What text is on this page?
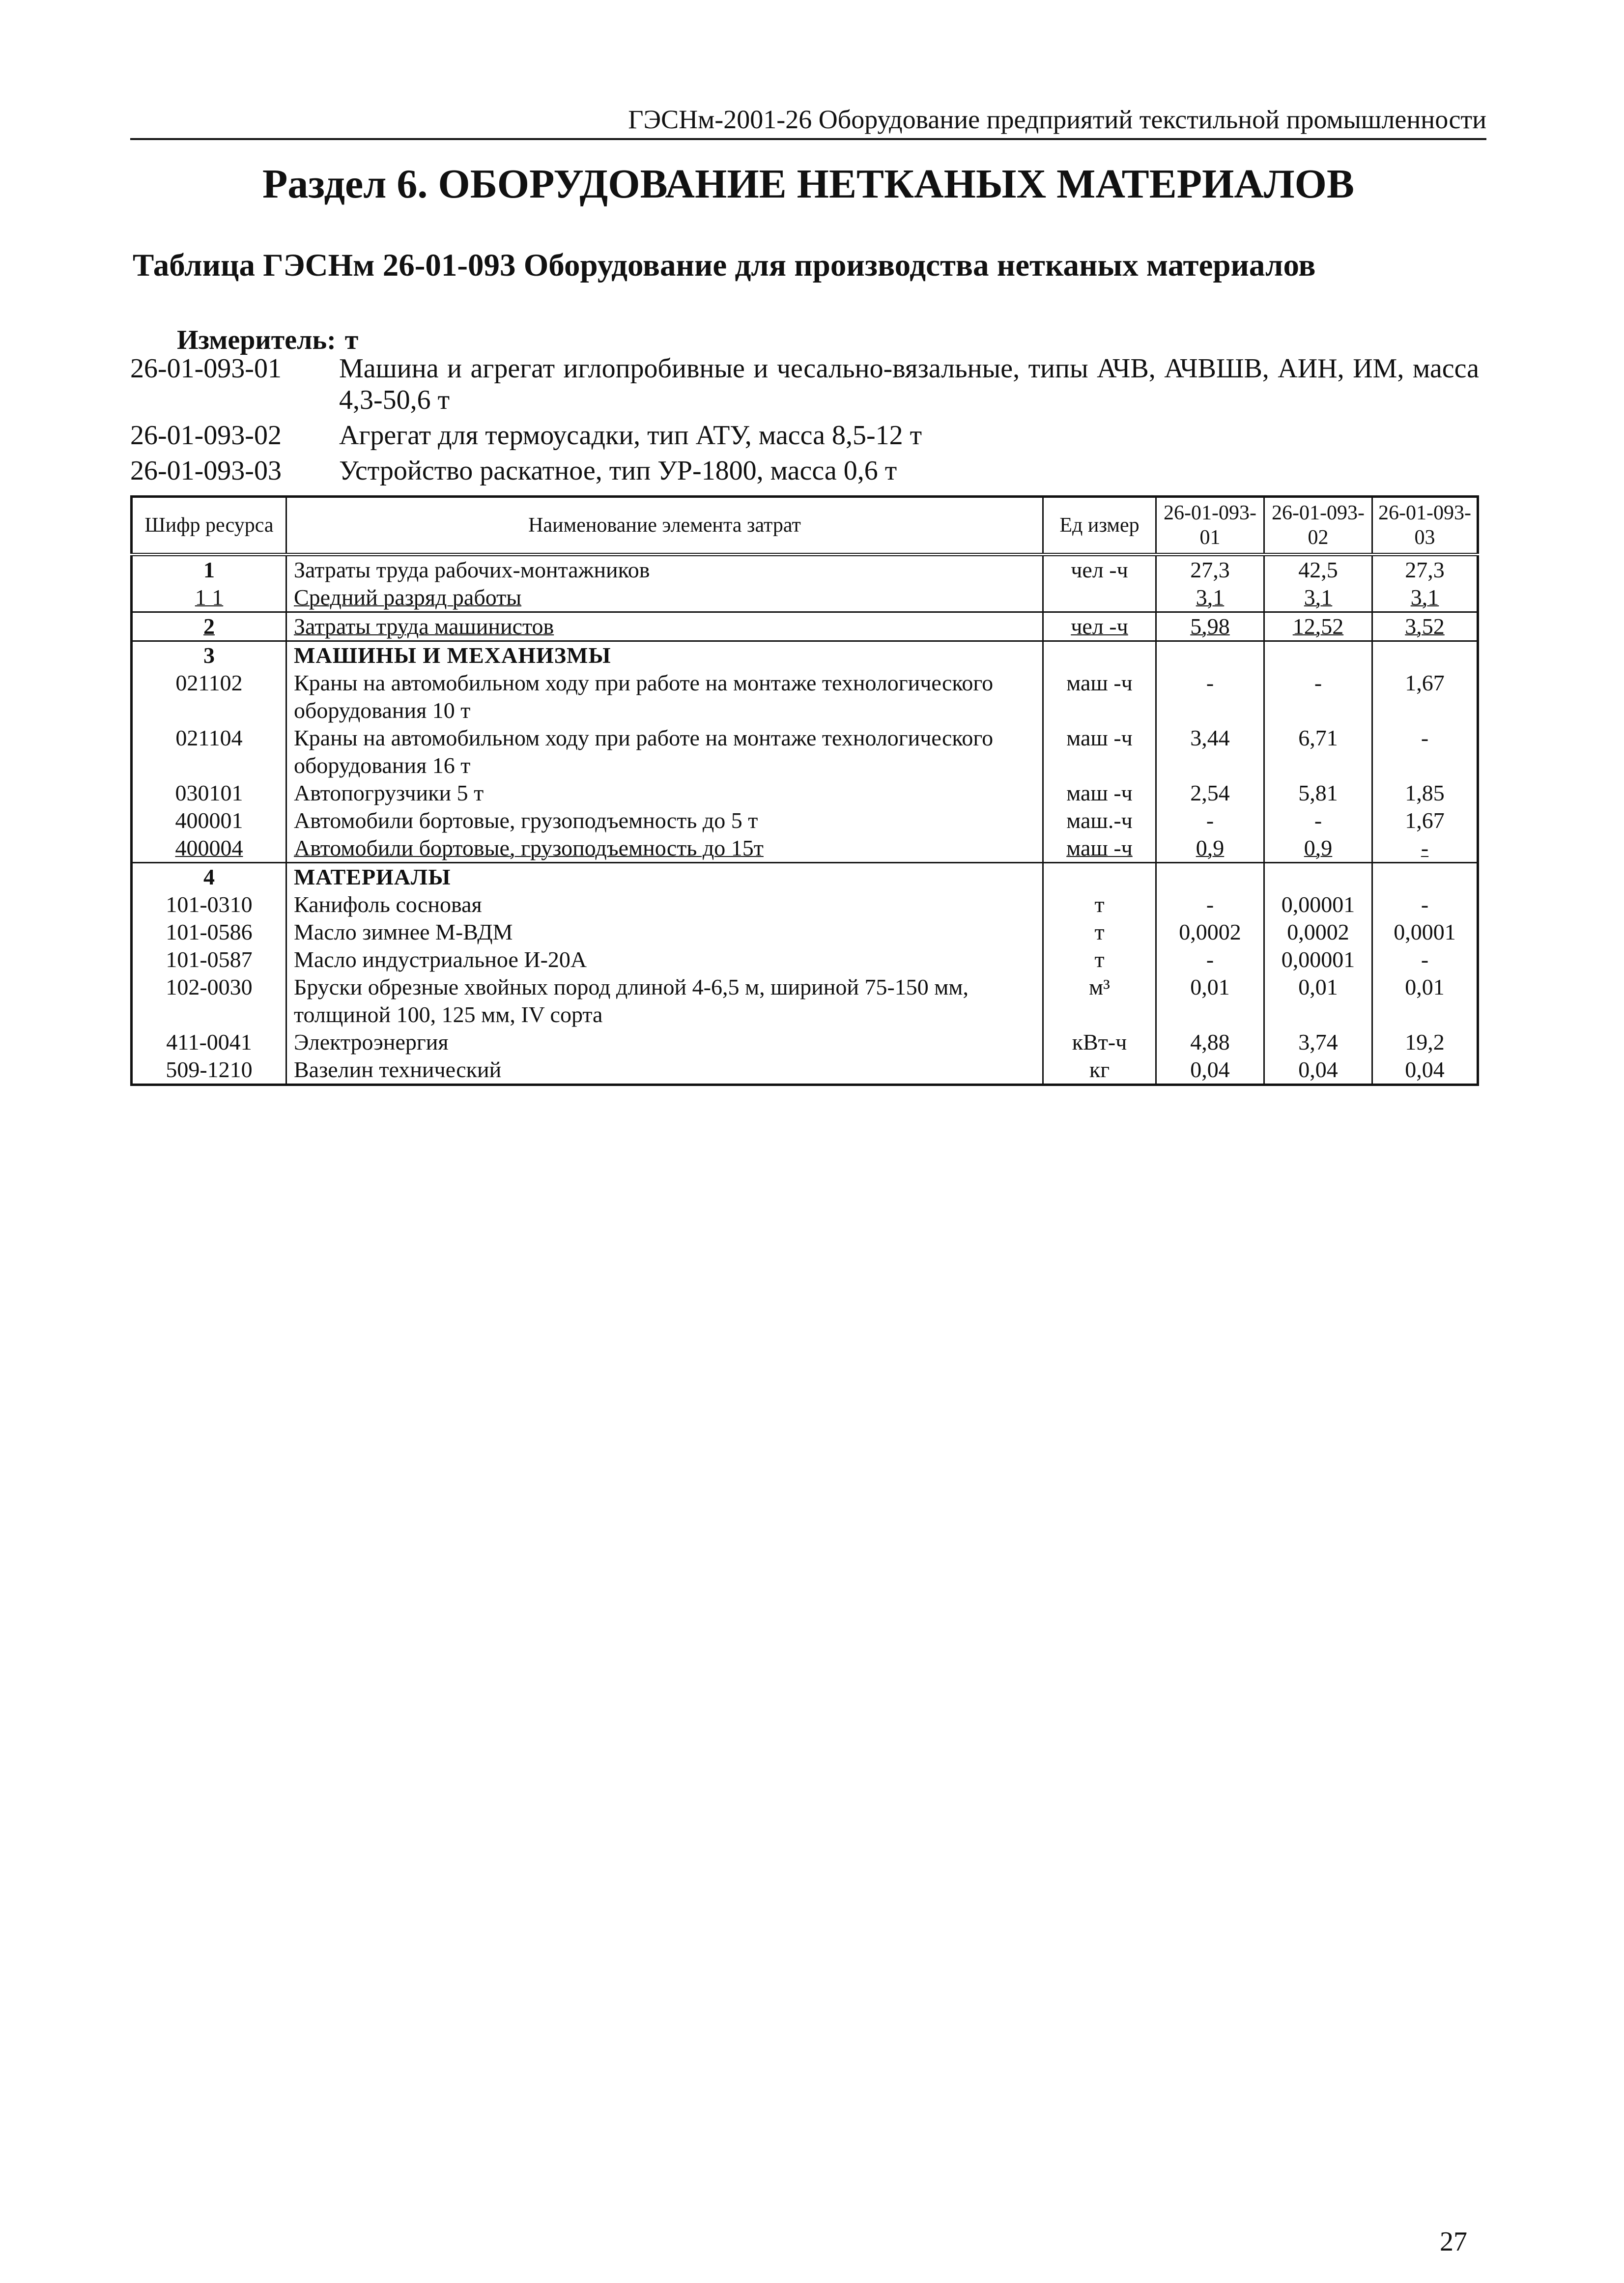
ГЭСНм-2001-26 Оборудование предприятий текстильной промышленности
Раздел 6. ОБОРУДОВАНИЕ НЕТКАНЫХ МАТЕРИАЛОВ
Таблица ГЭСНм 26-01-093 Оборудование для производства нетканых материалов
Измеритель: т
26-01-093-01	Машина и агрегат иглопробивные и чесально-вязальные, типы АЧВ, АЧВШВ, АИН, ИМ, масса 4,3-50,6 т
26-01-093-02	Агрегат для термоусадки, тип АТУ, масса 8,5-12 т
26-01-093-03	Устройство раскатное, тип УР-1800, масса 0,6 т
Шифр ресурса	Наименование элемента затрат	Ед измер	26-01-093-01	26-01-093-02	26-01-093-03
1	Затраты труда рабочих-монтажников	чел -ч	27,3	42,5	27,3
1 1	Средний разряд работы		3,1	3,1	3,1
2	Затраты труда машинистов	чел -ч	5,98	12,52	3,52
3	МАШИНЫ И МЕХАНИЗМЫ				
021102	Краны на автомобильном ходу при работе на монтаже технологического оборудования 10 т	маш -ч	-	-	1,67
021104	Краны на автомобильном ходу при работе на монтаже технологического оборудования 16 т	маш -ч	3,44	6,71	-
030101	Автопогрузчики 5 т	маш -ч	2,54	5,81	1,85
400001	Автомобили бортовые, грузоподъемность до 5 т	маш.-ч	-	-	1,67
400004	Автомобили бортовые, грузоподъемность до 15т	маш -ч	0,9	0,9	-
4	МАТЕРИАЛЫ				
101-0310	Канифоль сосновая	т	-	0,00001	-
101-0586	Масло зимнее М-ВДМ	т	0,0002	0,0002	0,0001
101-0587	Масло индустриальное И-20А	т	-	0,00001	-
102-0030	Бруски обрезные хвойных пород длиной 4-6,5 м, шириной 75-150 мм, толщиной 100, 125 мм, IV сорта	м³	0,01	0,01	0,01
411-0041	Электроэнергия	кВт-ч	4,88	3,74	19,2
509-1210	Вазелин технический	кг	0,04	0,04	0,04
27
